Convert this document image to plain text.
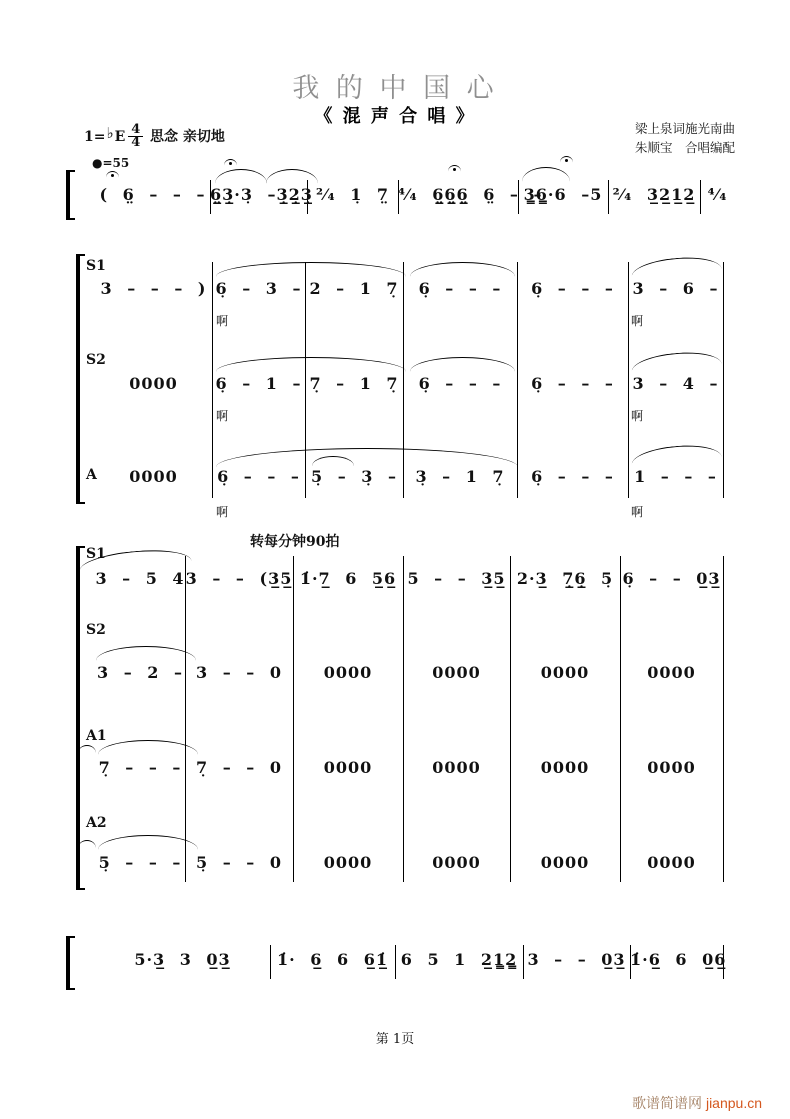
我 的 中 国 心
《 混 声 合 唱 》
1= ♭ E $\frac{4}{4}$ 思念 亲切地
梁上泉词施光南曲
朱顺宝　合唱编配
●=55
( 6̤ – – – 6̲̤3̲̣·3̣ –3̲̣2̲̣3̲̣ ²⁄₄ 1̣ 7̤ ⁴⁄₄ 6̲̤6̲̤6̲̤ 6̤ – –
3̳6̳·6 –5 ²⁄₄ 3̲2̲1̲2̲ ⁴⁄₄
S1
3 – – – ) 6̣ – 3 – 2 – 1 7̣	6̣ – – –	6̣ – – –	3 – 6 –
啊	啊
S2
0000	6̣ – 1 – 7̣ – 1 7̣	6̣ – – –	6̣ – – –	3 – 4 –
啊	啊
A	0000	6̣ – – – 5̣ – 3̣ –	3̣ – 1 7̣	6̣ – – –	1 – – –
啊	啊
转每分钟90拍
S1
3 – 5 4 3 – – (3̲5̲ 1̇·7̲ 6 5̲6̲ 5 – – 3̲5̲ 2·3̲ 7̲̣6̲̣ 5̣ 6̣ – – 0̲3̲
S2
3 – 2 – 3 – – 0	0000	0000	0000	0000
A1
7̣ – – – 7̣ – – 0	0000	0000	0000	0000
A2
5̣ – – – 5̣ – – 0	0000	0000	0000	0000
5·3̲ 3 0̲3̲	1̇· 6̲ 6 6̲1̲̇ 6 5 1 2̲1̳2̳ 3 – – 0̲3̲ 1̇·6̲ 6 0̲6̲
第 1页
歌谱简谱网 jianpu.cn
